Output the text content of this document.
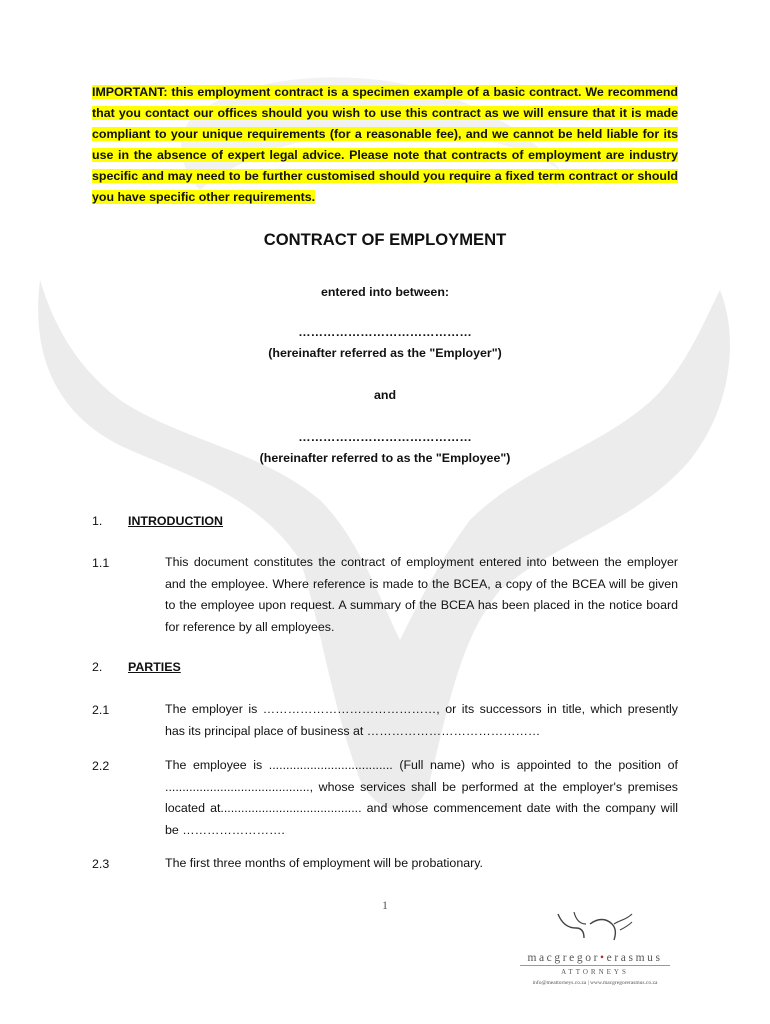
IMPORTANT: this employment contract is a specimen example of a basic contract. We recommend that you contact our offices should you wish to use this contract as we will ensure that it is made compliant to your unique requirements (for a reasonable fee), and we cannot be held liable for its use in the absence of expert legal advice. Please note that contracts of employment are industry specific and may need to be further customised should you require a fixed term contract or should you have specific other requirements.

CONTRACT OF EMPLOYMENT
entered into between:
……………………………………
(hereinafter referred as the "Employer")
and
……………………………………
(hereinafter referred to as the "Employee")
1. INTRODUCTION
1.1	This document constitutes the contract of employment entered into between the employer and the employee. Where reference is made to the BCEA, a copy of the BCEA will be given to the employee upon request. A summary of the BCEA has been placed in the notice board for reference by all employees.

2. PARTIES
2.1	The employer is ……………………………………, or its successors in title, which presently has its principal place of business at ……………………………………

2.2	The employee is .................................... (Full name) who is appointed to the position of .........................................., whose services shall be performed at the employer's premises located at......................................... and whose commencement date with the company will be …………………….

2.3	The first three months of employment will be probationary.

1
macgregor•erasmus
ATTORNEYS
info@meattorneys.co.za | www.macgregorerasmus.co.za
